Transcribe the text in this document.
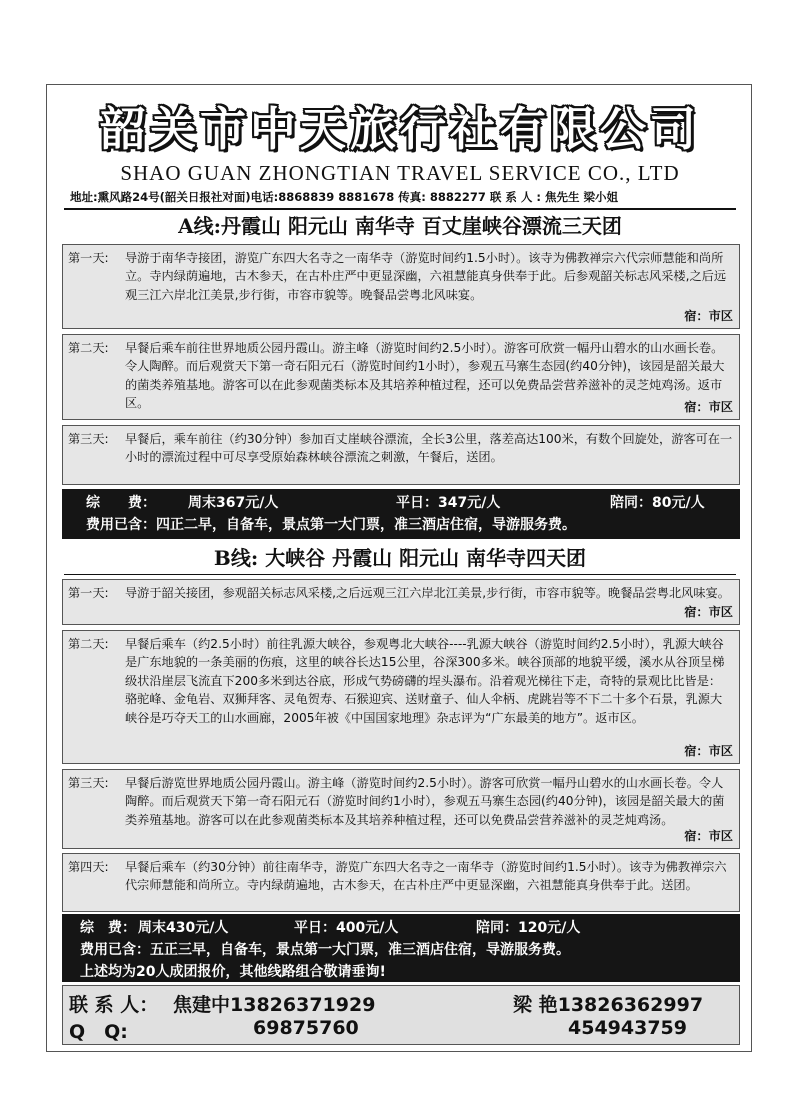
韶关市中天旅行社有限公司
SHAO GUAN ZHONGTIAN TRAVEL SERVICE CO., LTD
地址:熏风路24号(韶关日报社对面)电话:8868839 8881678 传真: 8882277 联 系 人 : 焦先生 梁小姐
A线:丹霞山 阳元山 南华寺 百丈崖峡谷漂流三天团
第一天: 导游于南华寺接团，游览广东四大名寺之一南华寺（游览时间约1.5小时）。该寺为佛教禅宗六代宗师慧能和尚所立。寺内绿荫遍地，古木参天，在古朴庄严中更显深幽，六祖慧能真身供奉于此。后参观韶关标志风采楼,之后远观三江六岸北江美景,步行街，市容市貌等。晚餐品尝粤北风味宴。
宿：市区
第二天: 早餐后乘车前往世界地质公园丹霞山。游主峰（游览时间约2.5小时）。游客可欣赏一幅丹山碧水的山水画长卷。令人陶醉。而后观赏天下第一奇石阳元石（游览时间约1小时），参观五马寨生态园(约40分钟)，该园是韶关最大的菌类养殖基地。游客可以在此参观菌类标本及其培养种植过程，还可以免费品尝营养滋补的灵芝炖鸡汤。返市区。	宿：市区
第三天: 早餐后，乘车前往（约30分钟）参加百丈崖峡谷漂流，全长3公里，落差高达100米，有数个回旋处，游客可在一小时的漂流过程中可尽享受原始森林峡谷漂流之刺激，午餐后，送团。
综　　费： 周末367元/人	平日：347元/人	陪同：80元/人
费用已含：四正二早，自备车，景点第一大门票，准三酒店住宿，导游服务费。
B线: 大峡谷 丹霞山 阳元山 南华寺四天团
第一天: 导游于韶关接团，参观韶关标志风采楼,之后远观三江六岸北江美景,步行街，市容市貌等。晚餐品尝粤北风味宴。
宿：市区
第二天: 早餐后乘车（约2.5小时）前往乳源大峡谷，参观粤北大峡谷----乳源大峡谷（游览时间约2.5小时），乳源大峡谷是广东地貌的一条美丽的伤痕，这里的峡谷长达15公里，谷深300多米。峡谷顶部的地貌平缓，溪水从谷顶呈梯级状沿崖层飞流直下200多米到达谷底，形成气势磅礴的埕头瀑布。沿着观光梯往下走，奇特的景观比比皆是：骆驼峰、金龟岩、双狮拜客、灵龟贺寿、石猴迎宾、送财童子、仙人伞柄、虎跳岩等不下二十多个石景，乳源大峡谷是巧夺天工的山水画廊，2005年被《中国国家地理》杂志评为“广东最美的地方”。返市区。
宿：市区
第三天: 早餐后游览世界地质公园丹霞山。游主峰（游览时间约2.5小时）。游客可欣赏一幅丹山碧水的山水画长卷。令人陶醉。而后观赏天下第一奇石阳元石（游览时间约1小时），参观五马寨生态园(约40分钟)，该园是韶关最大的菌类养殖基地。游客可以在此参观菌类标本及其培养种植过程，还可以免费品尝营养滋补的灵芝炖鸡汤。
宿：市区
第四天: 早餐后乘车（约30分钟）前往南华寺，游览广东四大名寺之一南华寺（游览时间约1.5小时）。该寺为佛教禅宗六代宗师慧能和尚所立。寺内绿荫遍地，古木参天，在古朴庄严中更显深幽，六祖慧能真身供奉于此。送团。
综　费： 周末430元/人	平日：400元/人	陪同：120元/人
费用已含：五正三早，自备车，景点第一大门票，准三酒店住宿，导游服务费。
上述均为20人成团报价，其他线路组合敬请垂询!
联 系 人： 焦建中13826371929	梁 艳13826362997
Q　Q:	69875760	454943759
